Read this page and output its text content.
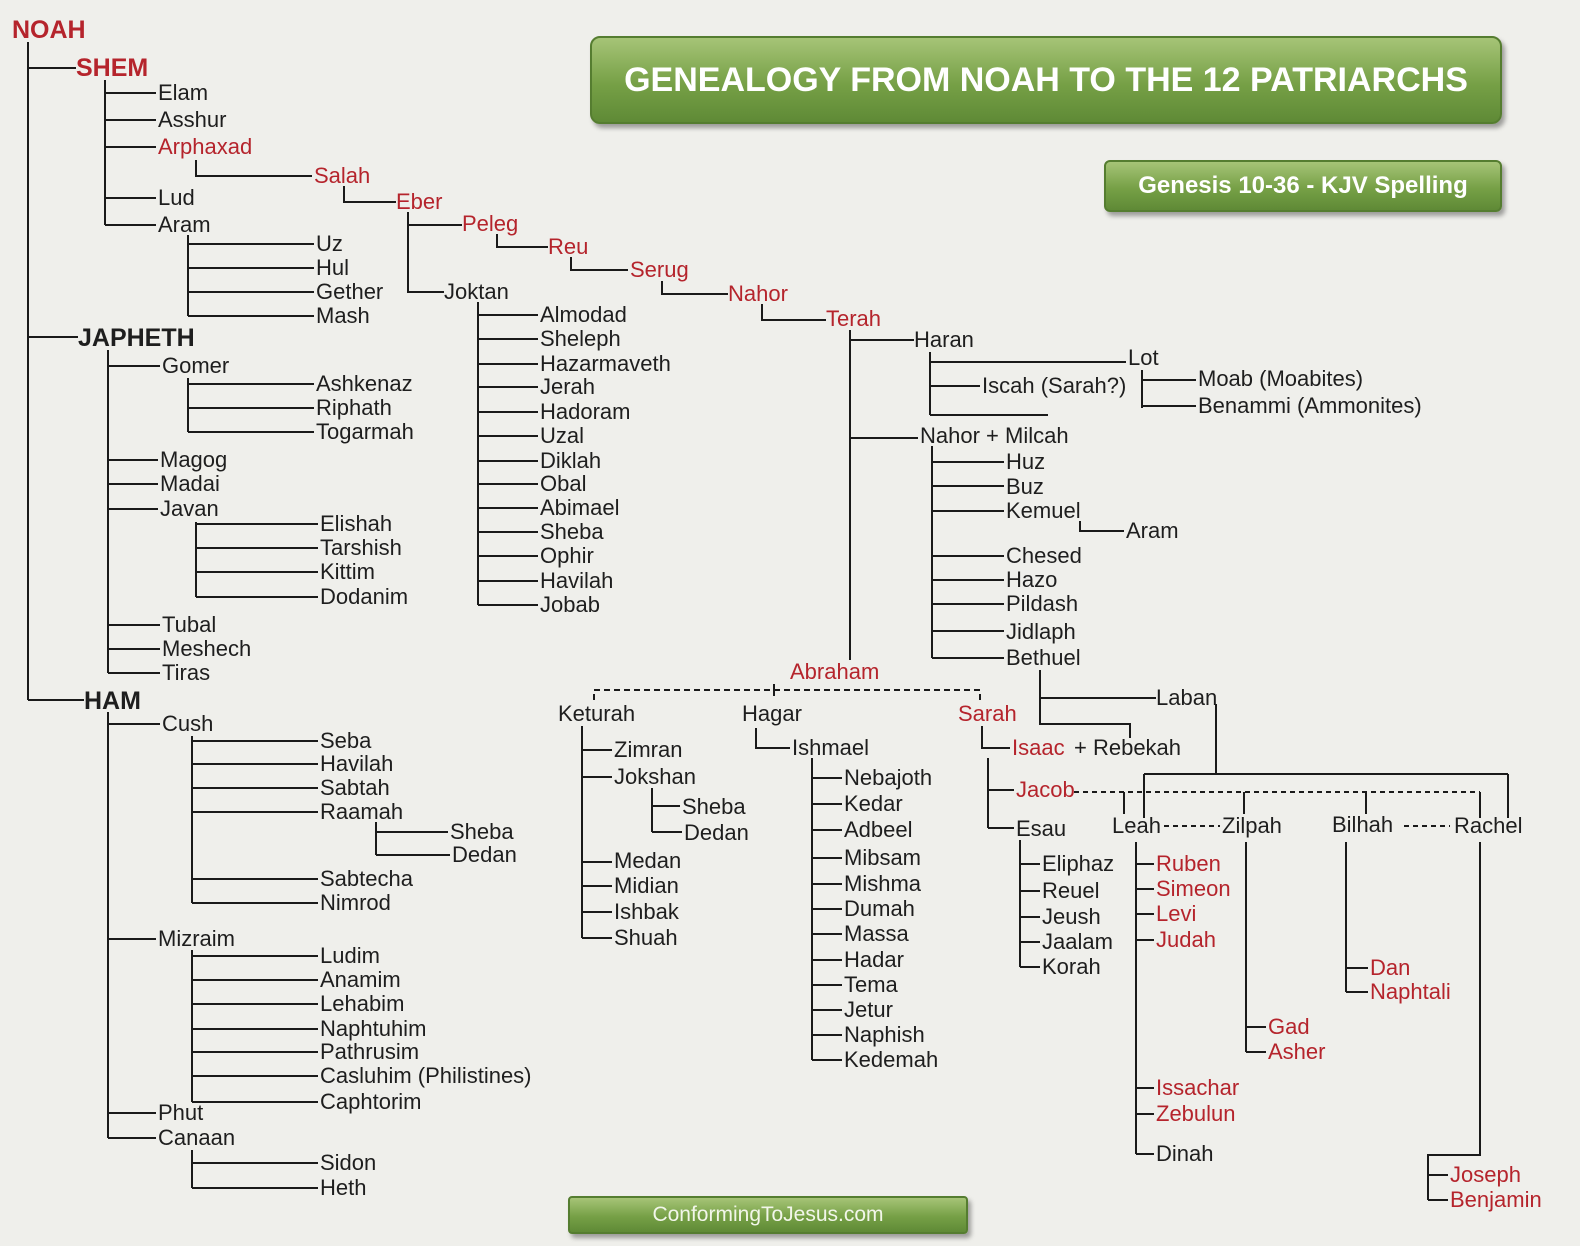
GENEALOGY FROM NOAH TO THE 12 PATRIARCHS
Genesis 10-36 - KJV Spelling
ConformingToJesus.com
NOAH
SHEM
JAPHETH
HAM
Elam
Asshur
Arphaxad
Salah
Eber
Peleg
Reu
Serug
Nahor
Terah
Lud
Aram
Uz
Hul
Gether
Mash
Joktan
Almodad
Sheleph
Hazarmaveth
Jerah
Hadoram
Uzal
Diklah
Obal
Abimael
Sheba
Ophir
Havilah
Jobab
Gomer
Ashkenaz
Riphath
Togarmah
Magog
Madai
Javan
Elishah
Tarshish
Kittim
Dodanim
Tubal
Meshech
Tiras
Cush
Seba
Havilah
Sabtah
Raamah
Sheba
Dedan
Sabtecha
Nimrod
Mizraim
Ludim
Anamim
Lehabim
Naphtuhim
Pathrusim
Casluhim (Philistines)
Caphtorim
Phut
Canaan
Sidon
Heth
Haran
Lot
Iscah (Sarah?)	Moab (Moabites)
Benammi (Ammonites)
Nahor + Milcah
Huz
Buz
Kemuel
Aram
Chesed
Hazo
Pildash
Jidlaph
Bethuel
Laban
Abraham
Keturah	Hagar	Sarah
Zimran
Jokshan
Sheba
Dedan
Medan
Midian
Ishbak
Shuah
Ishmael
Nebajoth
Kedar
Adbeel
Mibsam
Mishma
Dumah
Massa
Hadar
Tema
Jetur
Naphish
Kedemah
Isaac + Rebekah
Jacob
Esau
Eliphaz
Reuel
Jeush
Jaalam
Korah
Leah	Zilpah Bilhah	Rachel
Ruben
Simeon
Levi
Judah
Issachar
Zebulun
Dinah
Gad
Asher
Dan
Naphtali
Joseph
Benjamin
